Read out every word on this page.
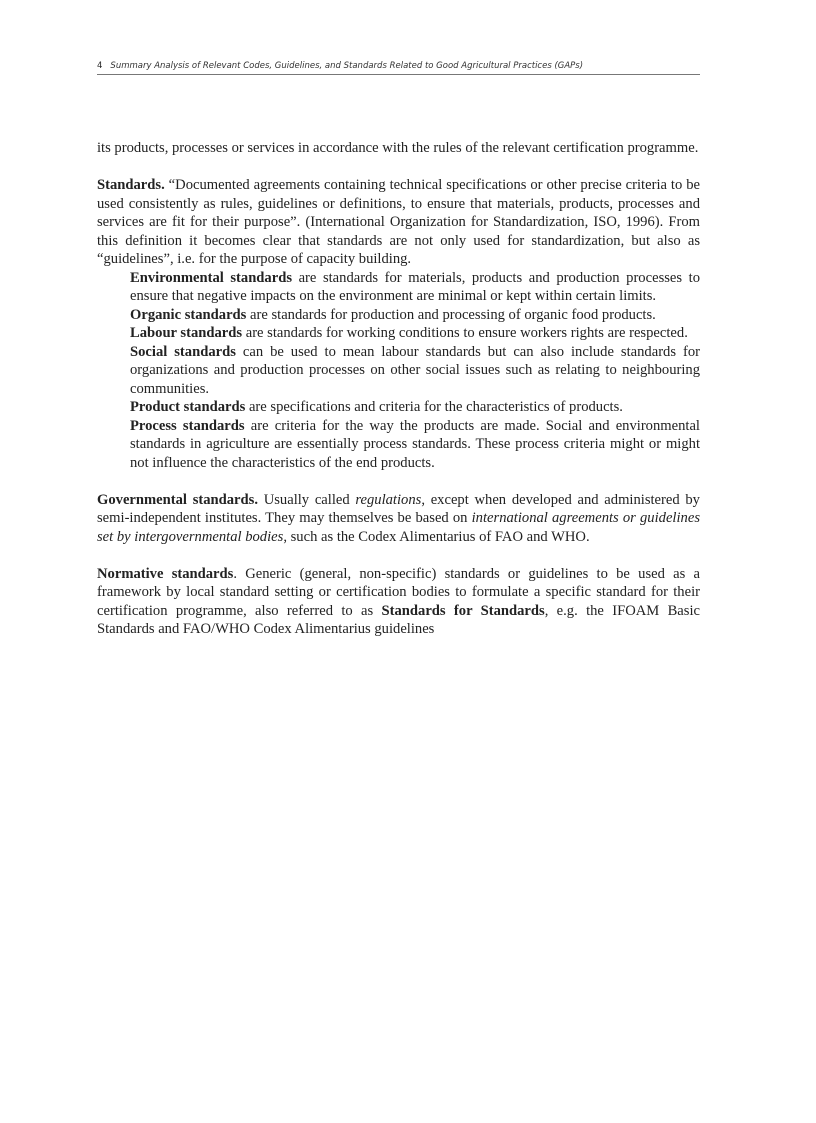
4 Summary Analysis of Relevant Codes, Guidelines, and Standards Related to Good Agricultural Practices (GAPs)

its products, processes or services in accordance with the rules of the relevant certification programme.

Standards. “Documented agreements containing technical specifications or other precise criteria to be used consistently as rules, guidelines or definitions, to ensure that materials, products, processes and services are fit for their purpose”. (International Organization for Standardization, ISO, 1996). From this definition it becomes clear that standards are not only used for standardization, but also as “guidelines”, i.e. for the purpose of capacity building.

Environmental standards are standards for materials, products and production processes to ensure that negative impacts on the environment are minimal or kept within certain limits.

Organic standards are standards for production and processing of organic food products.

Labour standards are standards for working conditions to ensure workers rights are respected.

Social standards can be used to mean labour standards but can also include standards for organizations and production processes on other social issues such as relating to neighbouring communities.

Product standards are specifications and criteria for the characteristics of products.

Process standards are criteria for the way the products are made. Social and environmental standards in agriculture are essentially process standards. These process criteria might or might not influence the characteristics of the end products.

Governmental standards. Usually called regulations, except when developed and administered by semi-independent institutes. They may themselves be based on international agreements or guidelines set by intergovernmental bodies, such as the Codex Alimentarius of FAO and WHO.

Normative standards. Generic (general, non-specific) standards or guidelines to be used as a framework by local standard setting or certification bodies to formulate a specific standard for their certification programme, also referred to as Standards for Standards, e.g. the IFOAM Basic Standards and FAO/WHO Codex Alimentarius guidelines
